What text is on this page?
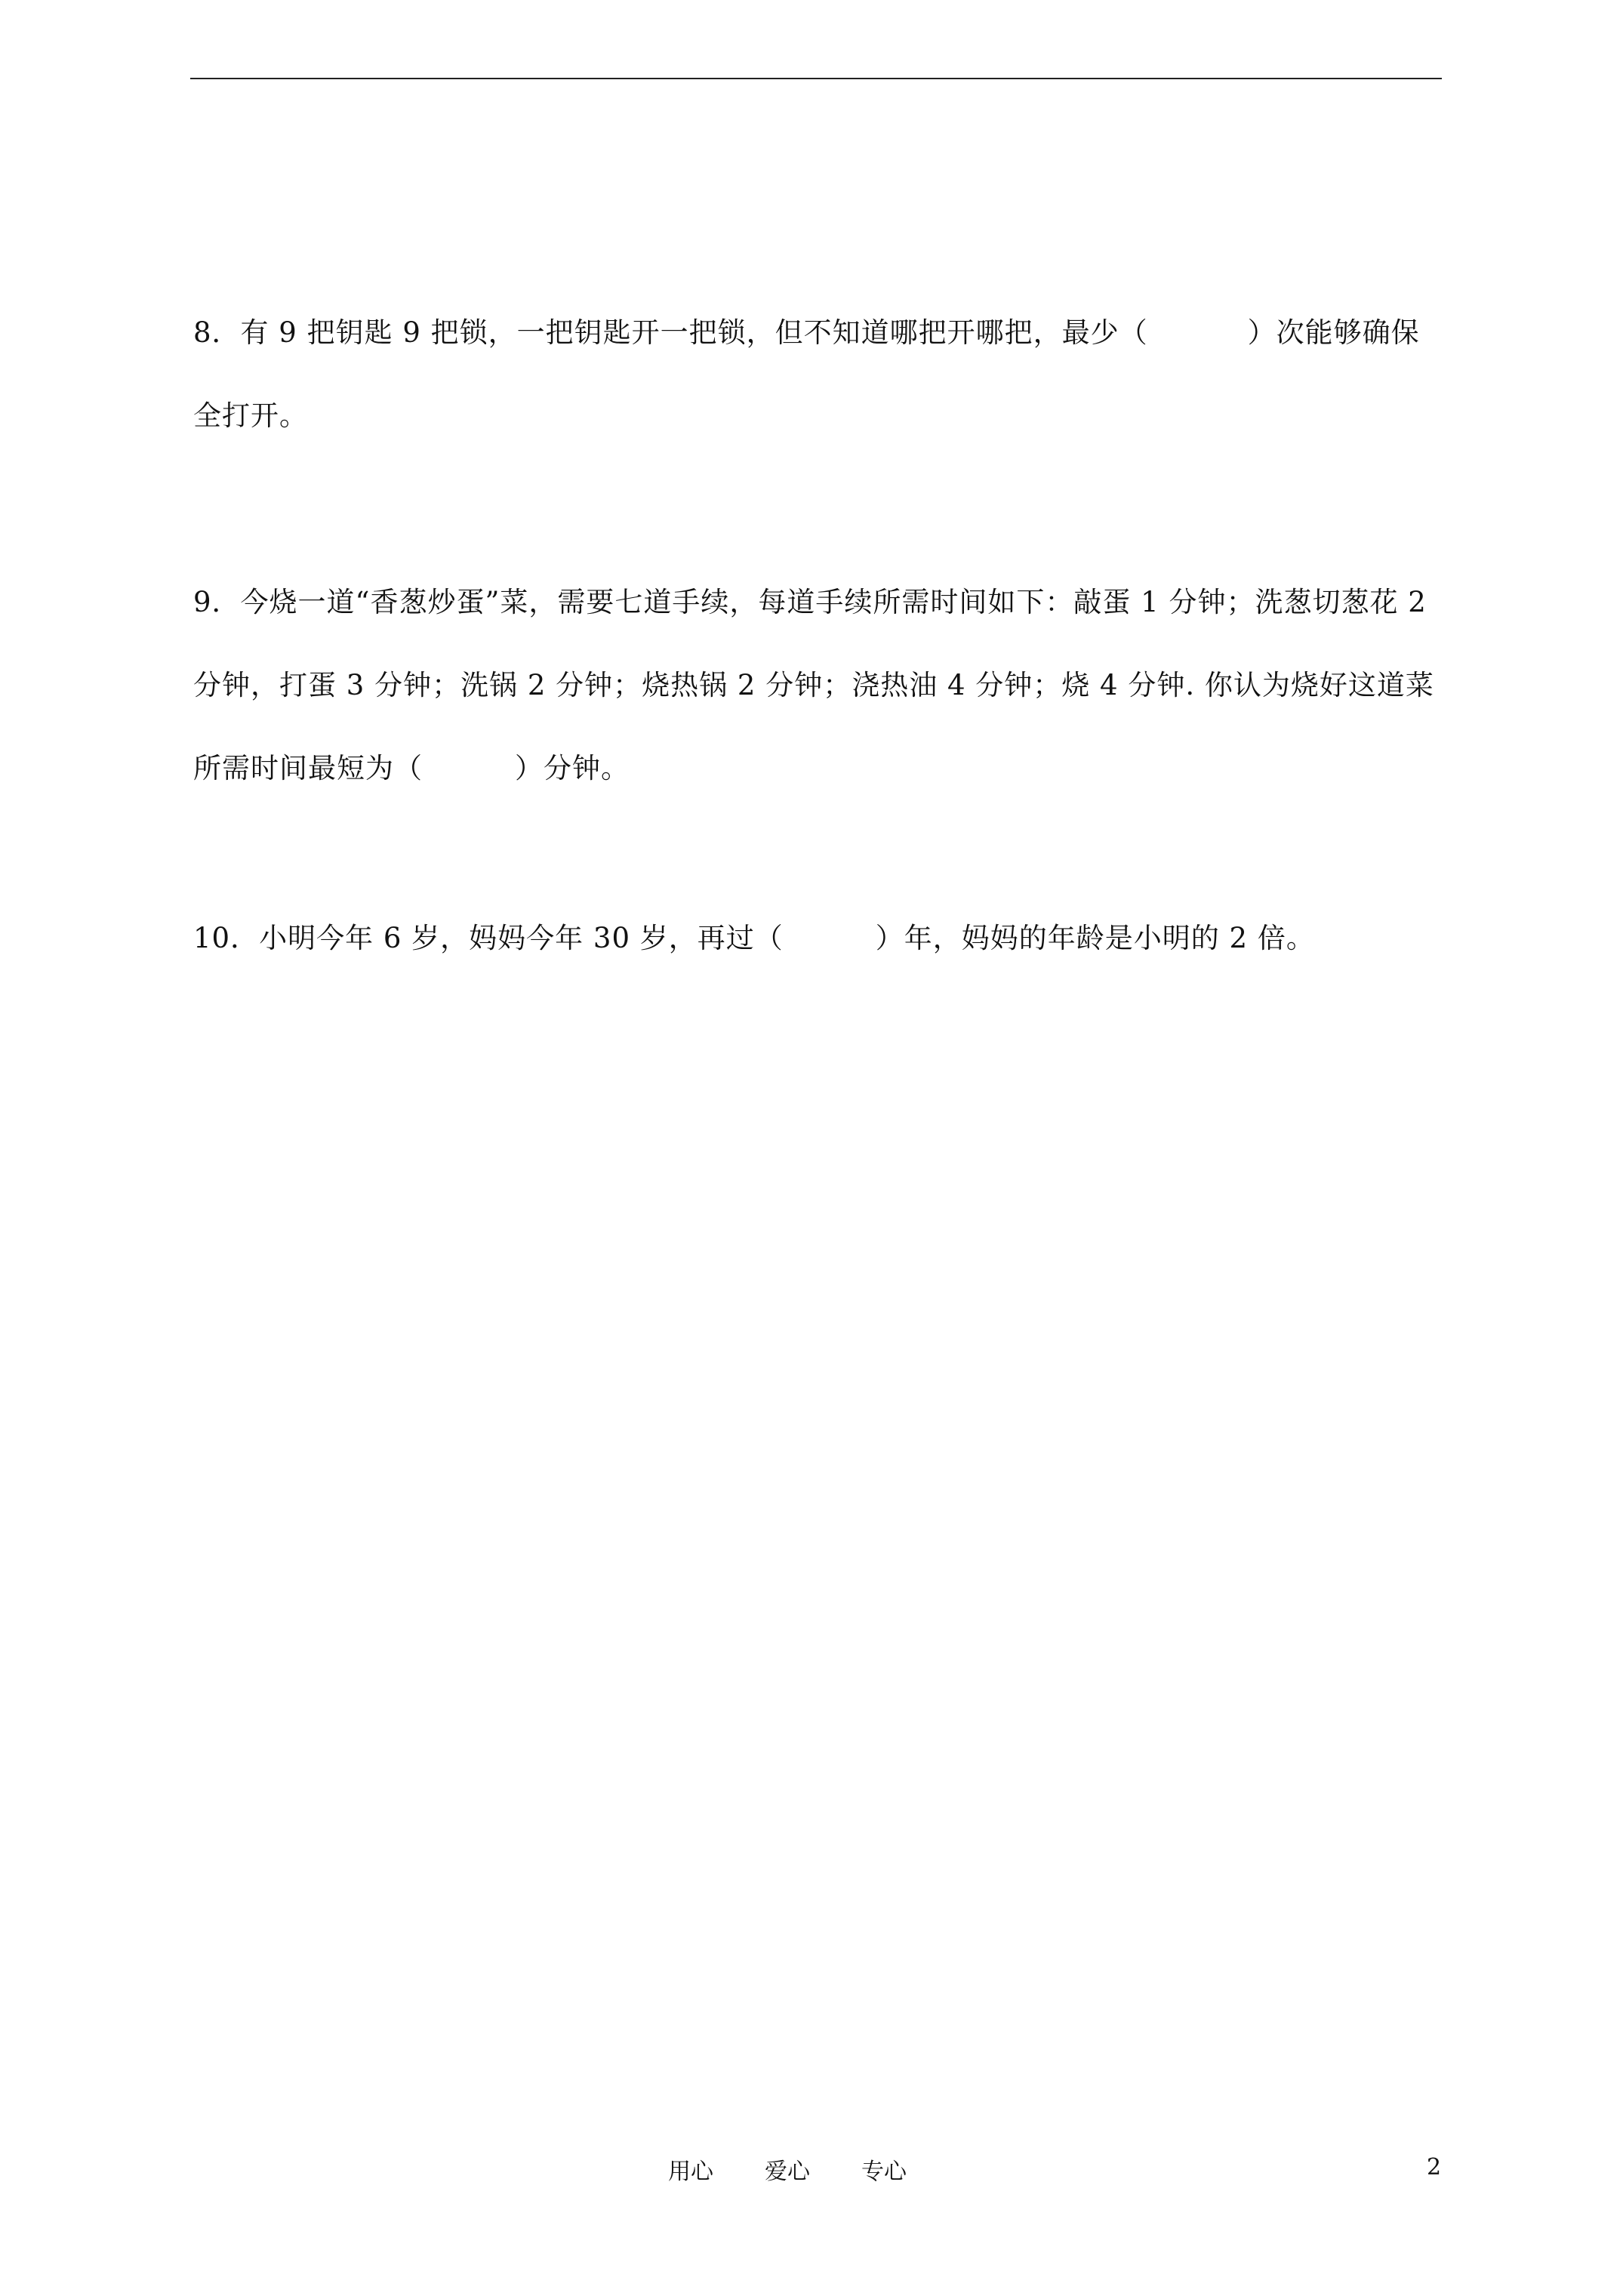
8．有 9 把钥匙 9 把锁，一把钥匙开一把锁，但不知道哪把开哪把，最少（	）次能够确保全打开。

9．今烧一道“香葱炒蛋”菜，需要七道手续，每道手续所需时间如下：敲蛋 1 分钟；洗葱切葱花 2 分钟，打蛋 3 分钟；洗锅 2 分钟；烧热锅 2 分钟；浇热油 4 分钟；烧 4 分钟. 你认为烧好这道菜所需时间最短为（	）分钟。

10．小明今年 6 岁，妈妈今年 30 岁，再过（	）年，妈妈的年龄是小明的 2 倍。

用心 爱心 专心	2
